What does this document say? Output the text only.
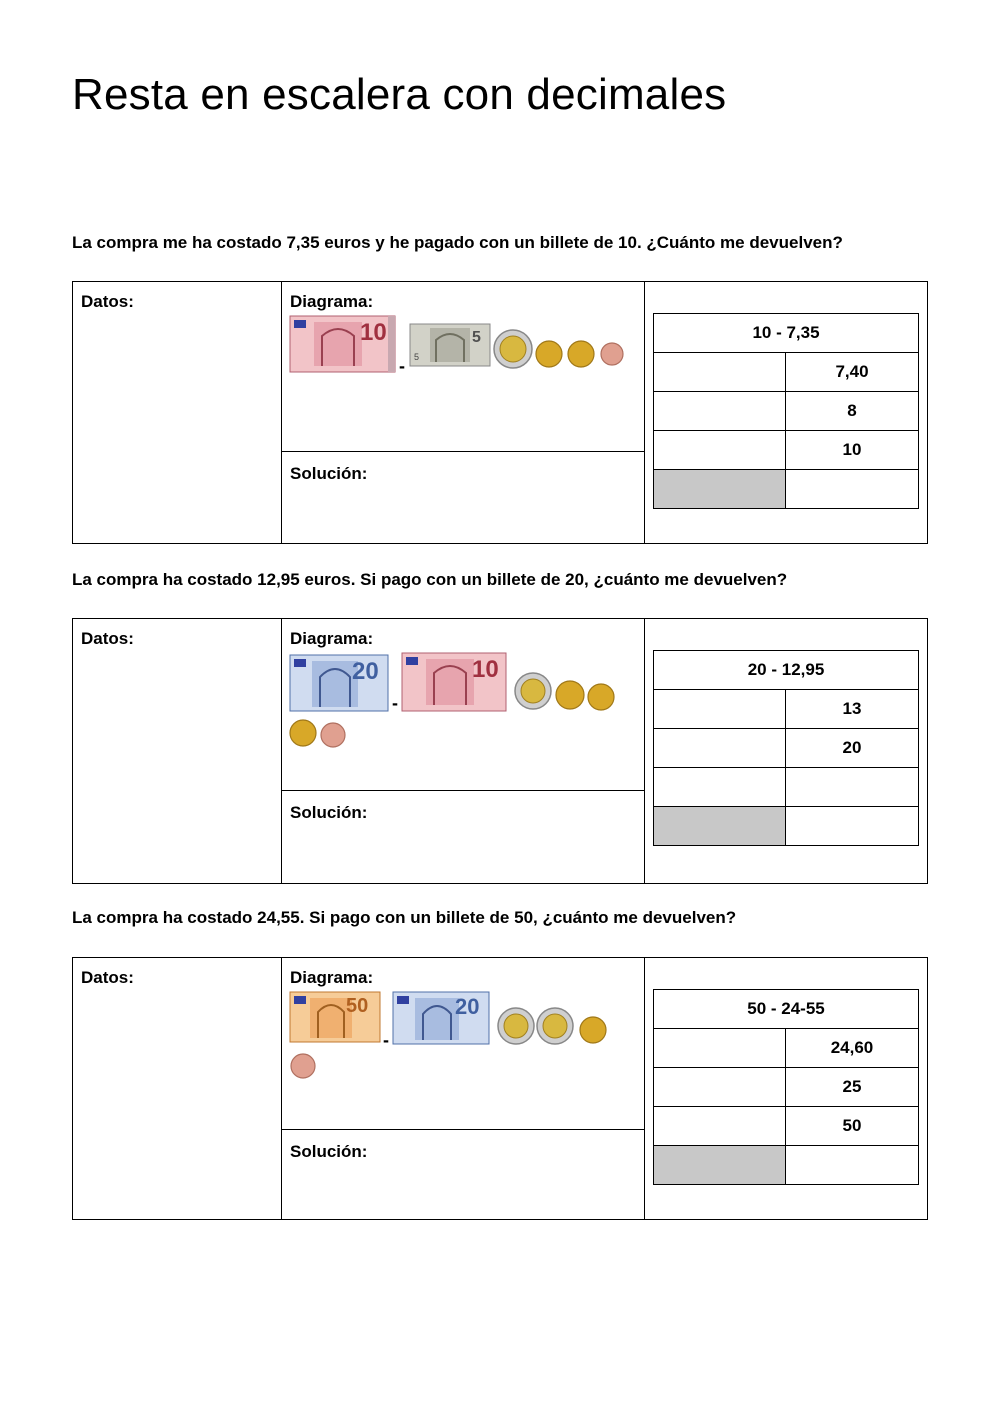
Resta en escalera con decimales

La compra me ha costado 7,35 euros y he pagado con un billete de 10. ¿Cuánto me devuelven?

Datos:	Diagrama:
10
- 5
5
Solución:
10 - 7,35	
	7,40
	8
	10

La compra ha costado 12,95 euros. Si pago con un billete de 20, ¿cuánto me devuelven?

Datos:	Diagrama:
20
-
10
Solución:
20 - 12,95	
	13
	20

La compra ha costado 24,55. Si pago con un billete de 50, ¿cuánto me devuelven?

Datos:	Diagrama:
50
-
20
Solución:
50 - 24-55	
	24,60
	25
	50
